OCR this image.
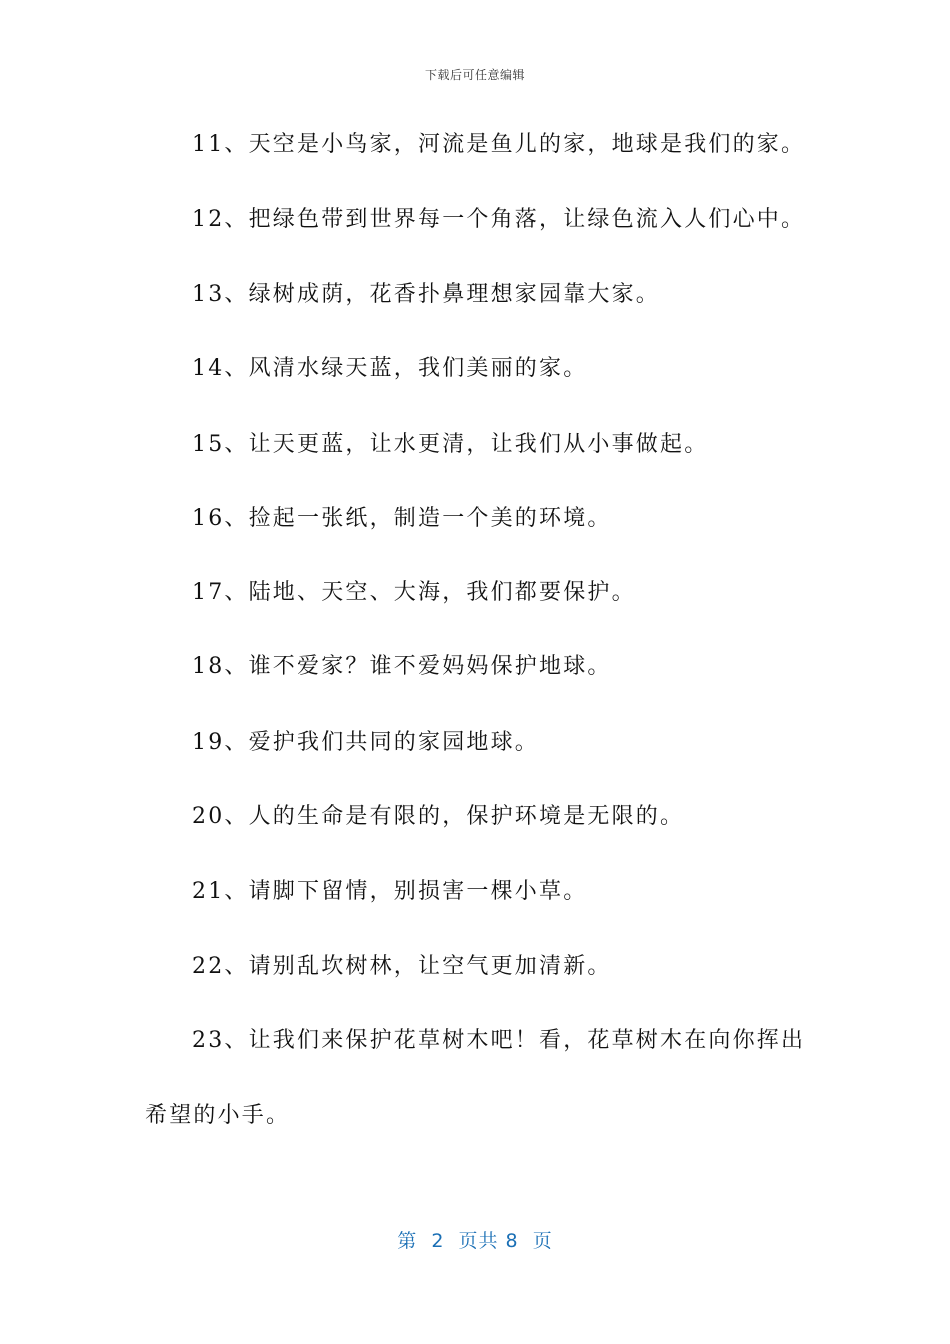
下载后可任意编辑
11、天空是小鸟家，河流是鱼儿的家，地球是我们的家。
12、把绿色带到世界每一个角落，让绿色流入人们心中。
13、绿树成荫，花香扑鼻理想家园靠大家。
14、风清水绿天蓝，我们美丽的家。
15、让天更蓝，让水更清，让我们从小事做起。
16、捡起一张纸，制造一个美的环境。
17、陆地、天空、大海，我们都要保护。
18、谁不爱家？谁不爱妈妈保护地球。
19、爱护我们共同的家园地球。
20、人的生命是有限的，保护环境是无限的。
21、请脚下留情，别损害一棵小草。
22、请别乱坎树林，让空气更加清新。
23、让我们来保护花草树木吧！看，花草树木在向你挥出
希望的小手。
第  2  页共 8  页
